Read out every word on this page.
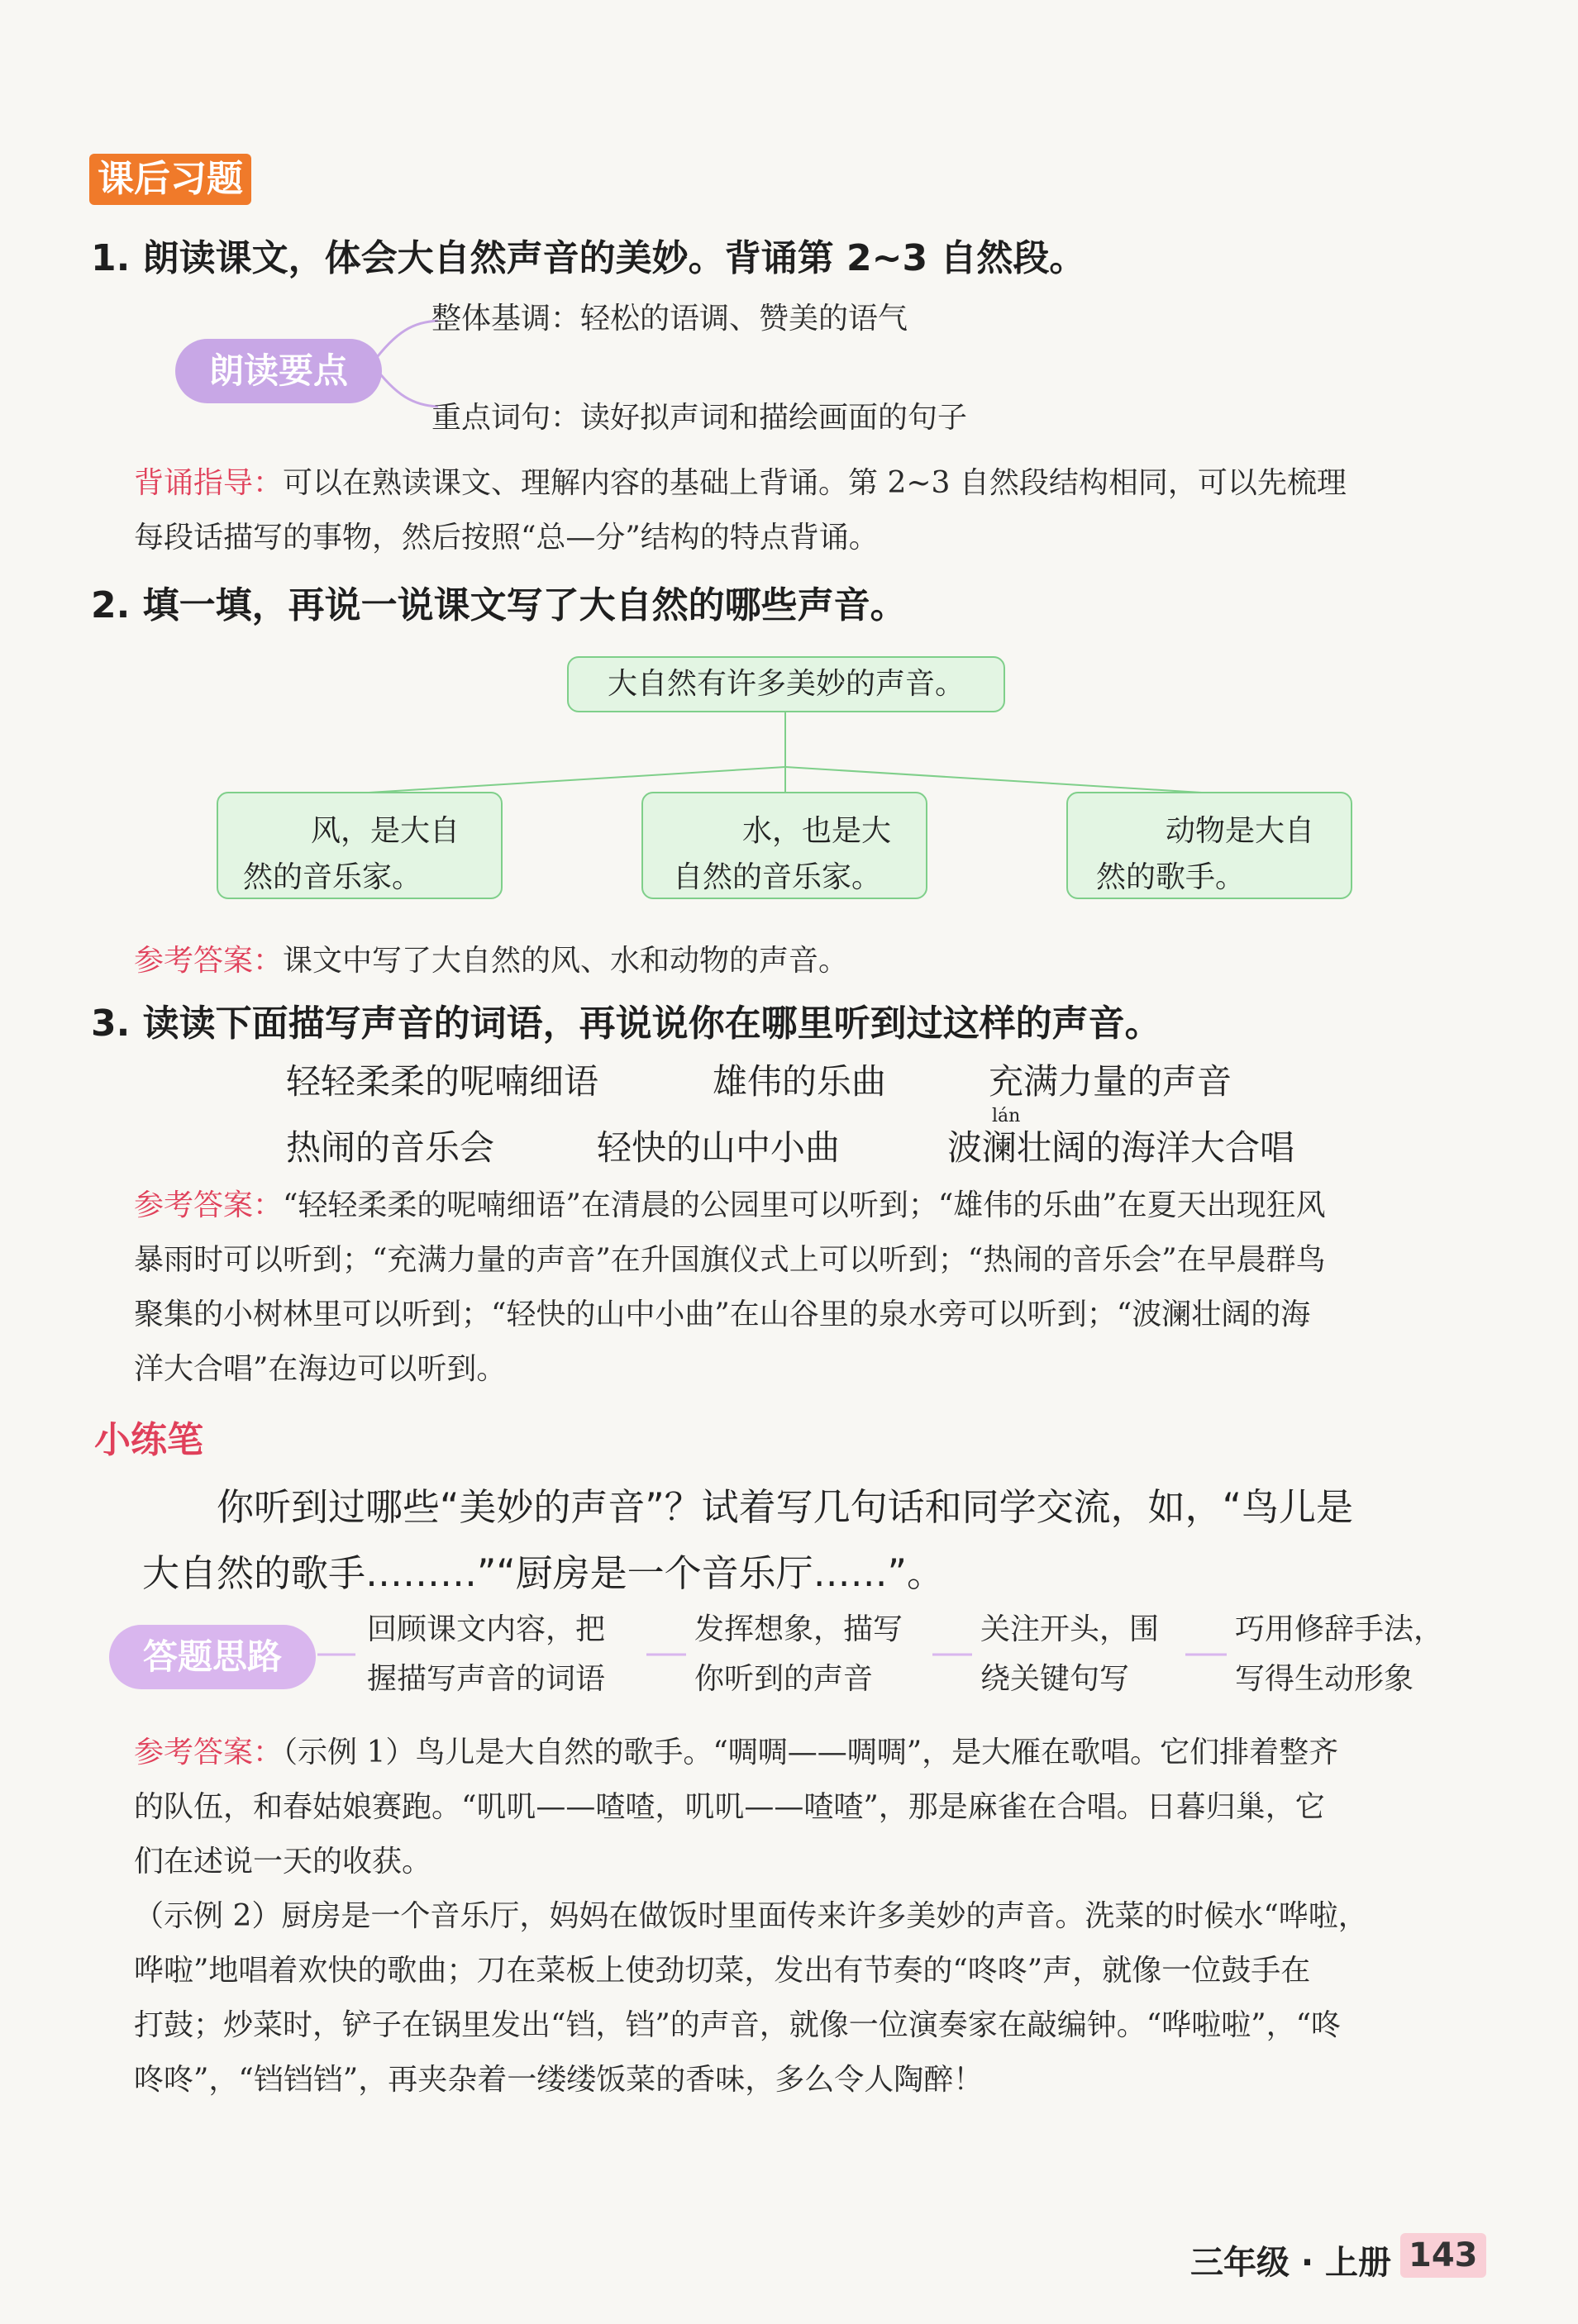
课后习题
1. 朗读课文，体会大自然声音的美妙。背诵第 2~3 自然段。
朗读要点
整体基调：轻松的语调、赞美的语气
重点词句：读好拟声词和描绘画面的句子
背诵指导：可以在熟读课文、理解内容的基础上背诵。第 2~3 自然段结构相同，可以先梳理
每段话描写的事物，然后按照“总—分”结构的特点背诵。
2. 填一填，再说一说课文写了大自然的哪些声音。
大自然有许多美妙的声音。
风，是大自
然的音乐家。
水，也是大
自然的音乐家。
动物是大自
然的歌手。
参考答案：课文中写了大自然的风、水和动物的声音。
3. 读读下面描写声音的词语，再说说你在哪里听到过这样的声音。
轻轻柔柔的呢喃细语	雄伟的乐曲	充满力量的声音
lán
热闹的音乐会	轻快的山中小曲	波澜壮阔的海洋大合唱
参考答案：“轻轻柔柔的呢喃细语”在清晨的公园里可以听到；“雄伟的乐曲”在夏天出现狂风
暴雨时可以听到；“充满力量的声音”在升国旗仪式上可以听到；“热闹的音乐会”在早晨群鸟
聚集的小树林里可以听到；“轻快的山中小曲”在山谷里的泉水旁可以听到；“波澜壮阔的海
洋大合唱”在海边可以听到。
小练笔
你听到过哪些“美妙的声音”？试着写几句话和同学交流，如，“鸟儿是
大自然的歌手………”“厨房是一个音乐厅……”。
答题思路
回顾课文内容，把
握描写声音的词语
发挥想象，描写
你听到的声音
关注开头，围
绕关键句写
巧用修辞手法，
写得生动形象
参考答案：（示例 1）鸟儿是大自然的歌手。“啁啁——啁啁”，是大雁在歌唱。它们排着整齐
的队伍，和春姑娘赛跑。“叽叽——喳喳，叽叽——喳喳”，那是麻雀在合唱。日暮归巢，它
们在述说一天的收获。
（示例 2）厨房是一个音乐厅，妈妈在做饭时里面传来许多美妙的声音。洗菜的时候水“哗啦，
哗啦”地唱着欢快的歌曲；刀在菜板上使劲切菜，发出有节奏的“咚咚”声，就像一位鼓手在
打鼓；炒菜时，铲子在锅里发出“铛，铛”的声音，就像一位演奏家在敲编钟。“哗啦啦”，“咚
咚咚”，“铛铛铛”，再夹杂着一缕缕饭菜的香味，多么令人陶醉！
三年级 · 上册 143
